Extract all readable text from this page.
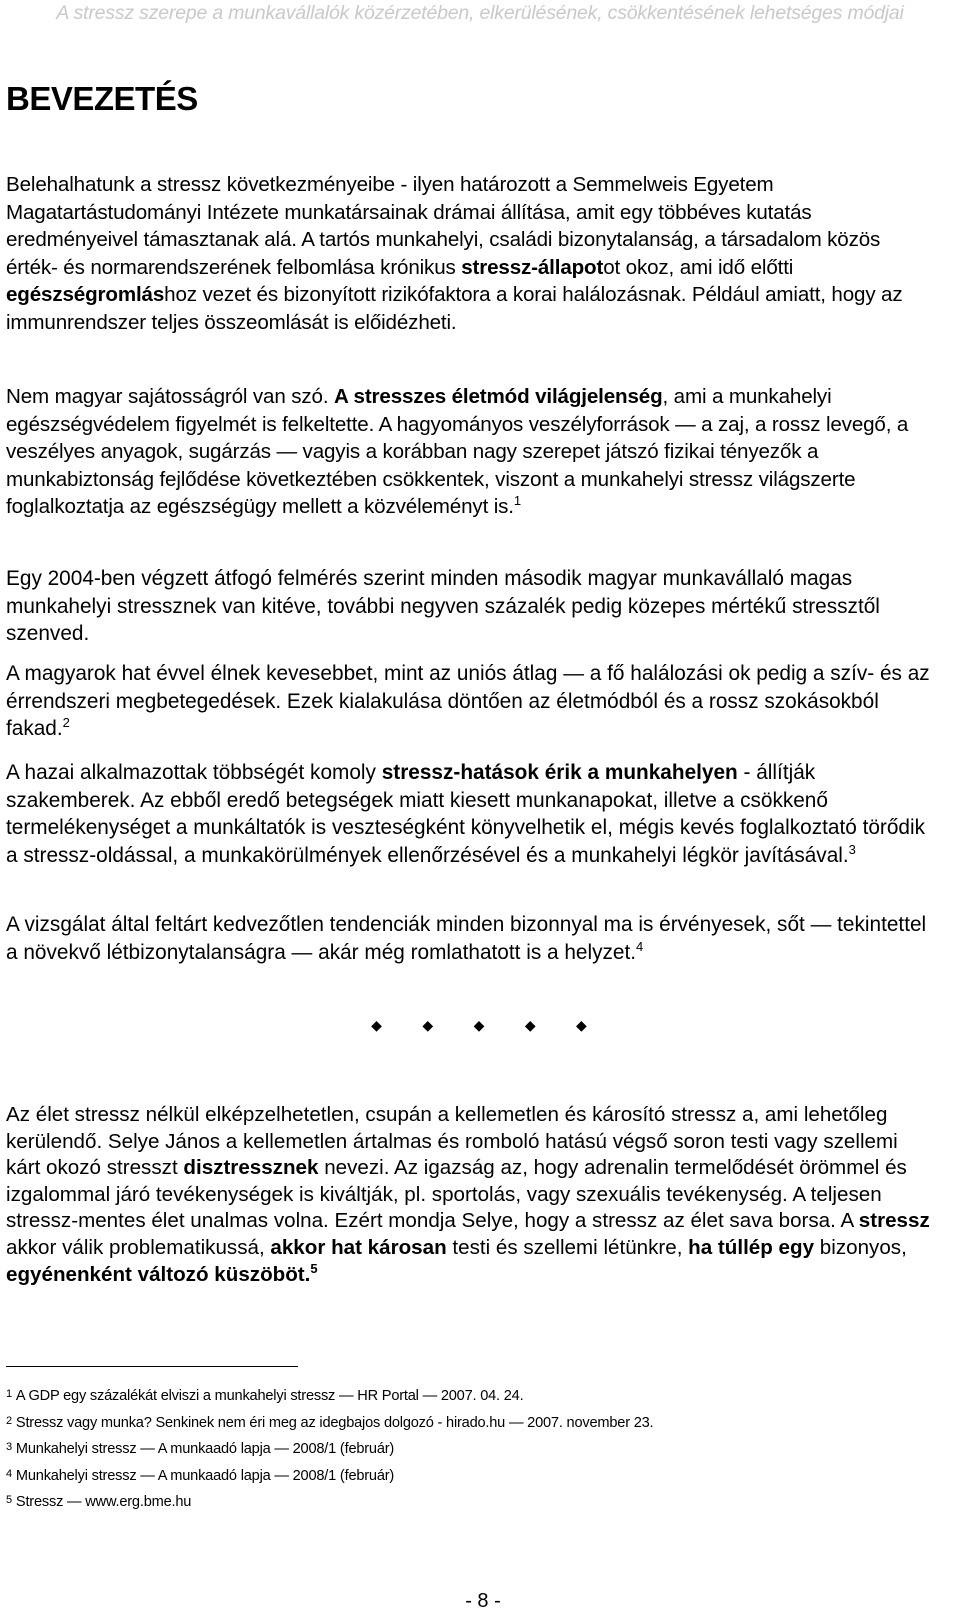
A stressz szerepe a munkavállalók közérzetében, elkerülésének, csökkentésének lehetséges módjai
BEVEZETÉS

Belehalhatunk a stressz következményeibe - ilyen határozott a Semmelweis Egyetem Magatartástudományi Intézete munkatársainak drámai állítása, amit egy többéves kutatás eredményeivel támasztanak alá. A tartós munkahelyi, családi bizonytalanság, a társadalom közös érték- és normarendszerének felbomlása krónikus stressz-állapotot okoz, ami idő előtti egészségromláshoz vezet és bizonyított rizikófaktora a korai halálozásnak. Például amiatt, hogy az immunrendszer teljes összeomlását is előidézheti.

Nem magyar sajátosságról van szó. A stresszes életmód világjelenség, ami a munkahelyi egészségvédelem figyelmét is felkeltette. A hagyományos veszélyforrások — a zaj, a rossz levegő, a veszélyes anyagok, sugárzás — vagyis a korábban nagy szerepet játszó fizikai tényezők a munkabiztonság fejlődése következtében csökkentek, viszont a munkahelyi stressz világszerte foglalkoztatja az egészségügy mellett a közvéleményt is.$^1$

Egy 2004-ben végzett átfogó felmérés szerint minden második magyar munkavállaló magas munkahelyi stressznek van kitéve, további negyven százalék pedig közepes mértékű stressztől szenved.

A magyarok hat évvel élnek kevesebbet, mint az uniós átlag — a fő halálozási ok pedig a szív- és az érrendszeri megbetegedések. Ezek kialakulása döntően az életmódból és a rossz szokásokból fakad.$^2$

A hazai alkalmazottak többségét komoly stressz-hatások érik a munkahelyen - állítják szakemberek. Az ebből eredő betegségek miatt kiesett munkanapokat, illetve a csökkenő termelékenységet a munkáltatók is veszteségként könyvelhetik el, mégis kevés foglalkoztató törődik a stressz-oldással, a munkakörülmények ellenőrzésével és a munkahelyi légkör javításával.$^3$

A vizsgálat által feltárt kedvezőtlen tendenciák minden bizonnyal ma is érvényesek, sőt — tekintettel a növekvő létbizonytalanságra — akár még romlathatott is a helyzet.$^4$

◆ ◆ ◆ ◆ ◆

Az élet stressz nélkül elképzelhetetlen, csupán a kellemetlen és károsító stressz a, ami lehetőleg kerülendő. Selye János a kellemetlen ártalmas és romboló hatású végső soron testi vagy szellemi kárt okozó stresszt disztressznek nevezi. Az igazság az, hogy adrenalin termelődését örömmel és izgalommal járó tevékenységek is kiváltják, pl. sportolás, vagy szexuális tevékenység. A teljesen stressz-mentes élet unalmas volna. Ezért mondja Selye, hogy a stressz az élet sava borsa. A stressz akkor válik problematikussá, akkor hat károsan testi és szellemi létünkre, ha túllép egy bizonyos, egyénenként változó küszöböt.$^5$

$^1$ A GDP egy százalékát elviszi a munkahelyi stressz — HR Portal — 2007. 04. 24.
$^2$ Stressz vagy munka? Senkinek nem éri meg az idegbajos dolgozó - hirado.hu — 2007. november 23.
$^3$ Munkahelyi stressz — A munkaadó lapja — 2008/1 (február)
$^4$ Munkahelyi stressz — A munkaadó lapja — 2008/1 (február)
$^5$ Stressz — www.erg.bme.hu
- 8 -
